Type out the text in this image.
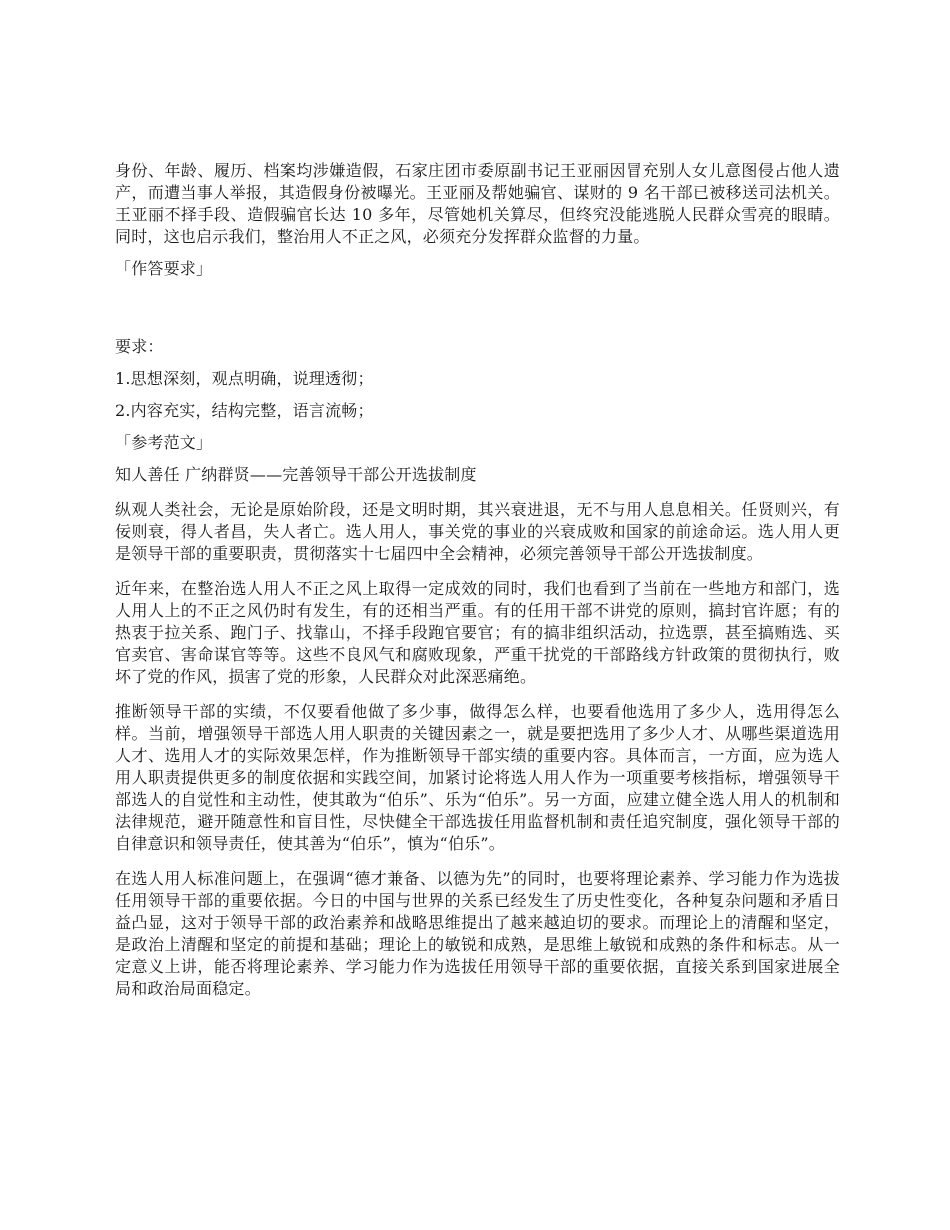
身份、年龄、履历、档案均涉嫌造假，石家庄团市委原副书记王亚丽因冒充别人女儿意图侵占他人遗产，而遭当事人举报，其造假身份被曝光。王亚丽及帮她骗官、谋财的 9 名干部已被移送司法机关。王亚丽不择手段、造假骗官长达 10 多年，尽管她机关算尽，但终究没能逃脱人民群众雪亮的眼睛。同时，这也启示我们，整治用人不正之风，必须充分发挥群众监督的力量。

「作答要求」

要求：

1.思想深刻，观点明确，说理透彻；

2.内容充实，结构完整，语言流畅；

「参考范文」

知人善任 广纳群贤——完善领导干部公开选拔制度

纵观人类社会，无论是原始阶段，还是文明时期，其兴衰进退，无不与用人息息相关。任贤则兴，有佞则衰，得人者昌，失人者亡。选人用人，事关党的事业的兴衰成败和国家的前途命运。选人用人更是领导干部的重要职责，贯彻落实十七届四中全会精神，必须完善领导干部公开选拔制度。

近年来，在整治选人用人不正之风上取得一定成效的同时，我们也看到了当前在一些地方和部门，选人用人上的不正之风仍时有发生，有的还相当严重。有的任用干部不讲党的原则，搞封官许愿；有的热衷于拉关系、跑门子、找靠山，不择手段跑官要官；有的搞非组织活动，拉选票，甚至搞贿选、买官卖官、害命谋官等等。这些不良风气和腐败现象，严重干扰党的干部路线方针政策的贯彻执行，败坏了党的作风，损害了党的形象，人民群众对此深恶痛绝。

推断领导干部的实绩，不仅要看他做了多少事，做得怎么样，也要看他选用了多少人，选用得怎么样。当前，增强领导干部选人用人职责的关键因素之一，就是要把选用了多少人才、从哪些渠道选用人才、选用人才的实际效果怎样，作为推断领导干部实绩的重要内容。具体而言，一方面，应为选人用人职责提供更多的制度依据和实践空间，加紧讨论将选人用人作为一项重要考核指标，增强领导干部选人的自觉性和主动性，使其敢为“伯乐”、乐为“伯乐”。另一方面，应建立健全选人用人的机制和法律规范，避开随意性和盲目性，尽快健全干部选拔任用监督机制和责任追究制度，强化领导干部的自律意识和领导责任，使其善为“伯乐”，慎为“伯乐”。

在选人用人标准问题上，在强调“德才兼备、以德为先”的同时，也要将理论素养、学习能力作为选拔任用领导干部的重要依据。今日的中国与世界的关系已经发生了历史性变化，各种复杂问题和矛盾日益凸显，这对于领导干部的政治素养和战略思维提出了越来越迫切的要求。而理论上的清醒和坚定，是政治上清醒和坚定的前提和基础；理论上的敏锐和成熟，是思维上敏锐和成熟的条件和标志。从一定意义上讲，能否将理论素养、学习能力作为选拔任用领导干部的重要依据，直接关系到国家进展全局和政治局面稳定。
